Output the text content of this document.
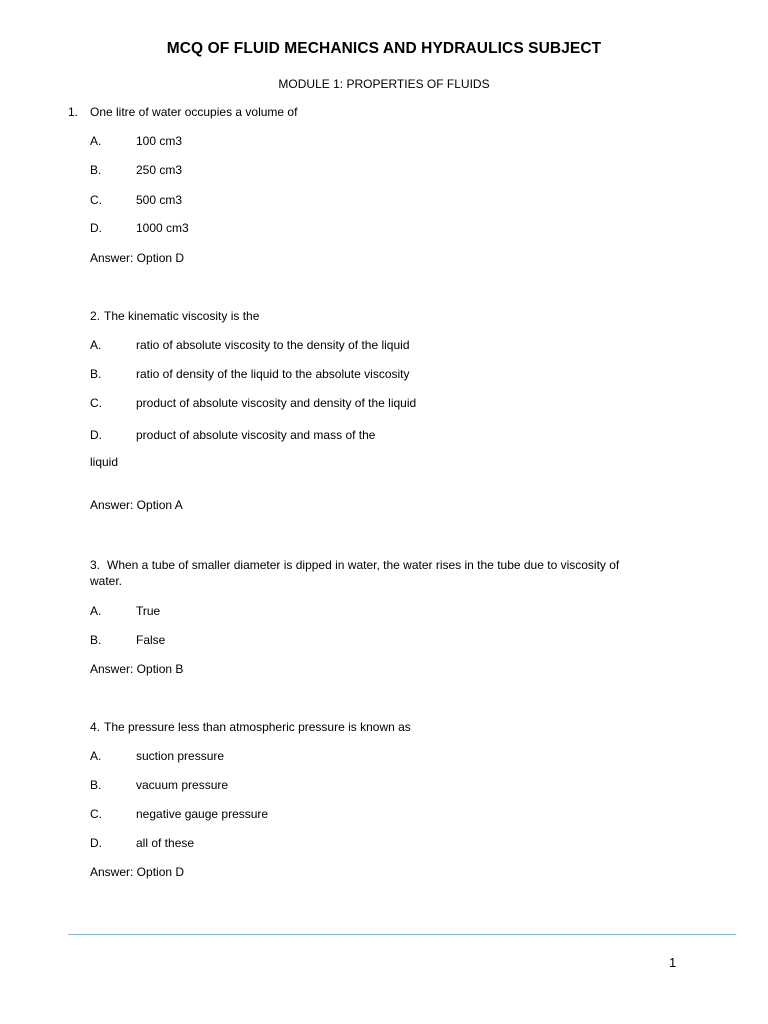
MCQ OF FLUID MECHANICS AND HYDRAULICS SUBJECT
MODULE 1: PROPERTIES OF FLUIDS
1. One litre of water occupies a volume of
A.	100 cm3
B.	250 cm3
C.	500 cm3
D.	1000 cm3
Answer: Option D
2. The kinematic viscosity is the
A.	ratio of absolute viscosity to the density of the liquid
B.	ratio of density of the liquid to the absolute viscosity
C.	product of absolute viscosity and density of the liquid
D.	product of absolute viscosity and mass of the
liquid
Answer: Option A
3. When a tube of smaller diameter is dipped in water, the water rises in the tube due to viscosity of water.
A.	True
B.	False
Answer: Option B
4. The pressure less than atmospheric pressure is known as
A.	suction pressure
B.	vacuum pressure
C.	negative gauge pressure
D.	all of these
Answer: Option D
1
